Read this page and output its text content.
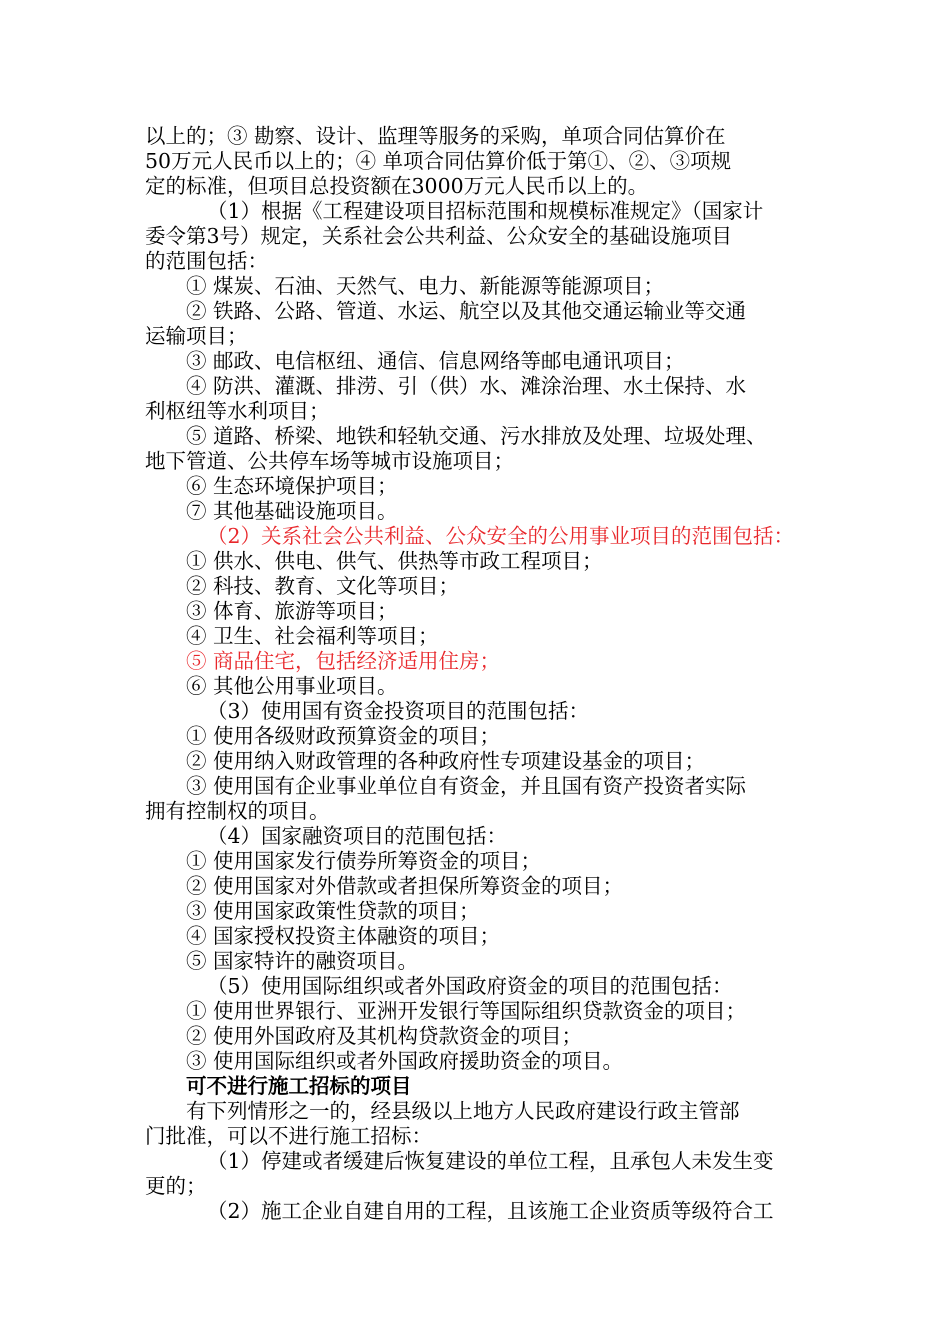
以上的；③ 勘察、设计、监理等服务的采购，单项合同估算价在
50万元人民币以上的；④ 单项合同估算价低于第①、②、③项规
定的标准，但项目总投资额在3000万元人民币以上的。
（1）根据《工程建设项目招标范围和规模标准规定》（国家计
委令第3号）规定，关系社会公共利益、公众安全的基础设施项目
的范围包括：
① 煤炭、石油、天然气、电力、新能源等能源项目；
② 铁路、公路、管道、水运、航空以及其他交通运输业等交通
运输项目；
③ 邮政、电信枢纽、通信、信息网络等邮电通讯项目；
④ 防洪、灌溉、排涝、引（供）水、滩涂治理、水土保持、水
利枢纽等水利项目；
⑤ 道路、桥梁、地铁和轻轨交通、污水排放及处理、垃圾处理、
地下管道、公共停车场等城市设施项目；
⑥ 生态环境保护项目；
⑦ 其他基础设施项目。
（2）关系社会公共利益、公众安全的公用事业项目的范围包括：
① 供水、供电、供气、供热等市政工程项目；
② 科技、教育、文化等项目；
③ 体育、旅游等项目；
④ 卫生、社会福利等项目；
⑤ 商品住宅，包括经济适用住房；
⑥ 其他公用事业项目。
（3）使用国有资金投资项目的范围包括：
① 使用各级财政预算资金的项目；
② 使用纳入财政管理的各种政府性专项建设基金的项目；
③ 使用国有企业事业单位自有资金，并且国有资产投资者实际
拥有控制权的项目。
（4）国家融资项目的范围包括：
① 使用国家发行债券所筹资金的项目；
② 使用国家对外借款或者担保所筹资金的项目；
③ 使用国家政策性贷款的项目；
④ 国家授权投资主体融资的项目；
⑤ 国家特许的融资项目。
（5）使用国际组织或者外国政府资金的项目的范围包括：
① 使用世界银行、亚洲开发银行等国际组织贷款资金的项目；
② 使用外国政府及其机构贷款资金的项目；
③ 使用国际组织或者外国政府援助资金的项目。
可不进行施工招标的项目
有下列情形之一的，经县级以上地方人民政府建设行政主管部
门批准，可以不进行施工招标：
（1）停建或者缓建后恢复建设的单位工程，且承包人未发生变
更的；
（2）施工企业自建自用的工程，且该施工企业资质等级符合工
